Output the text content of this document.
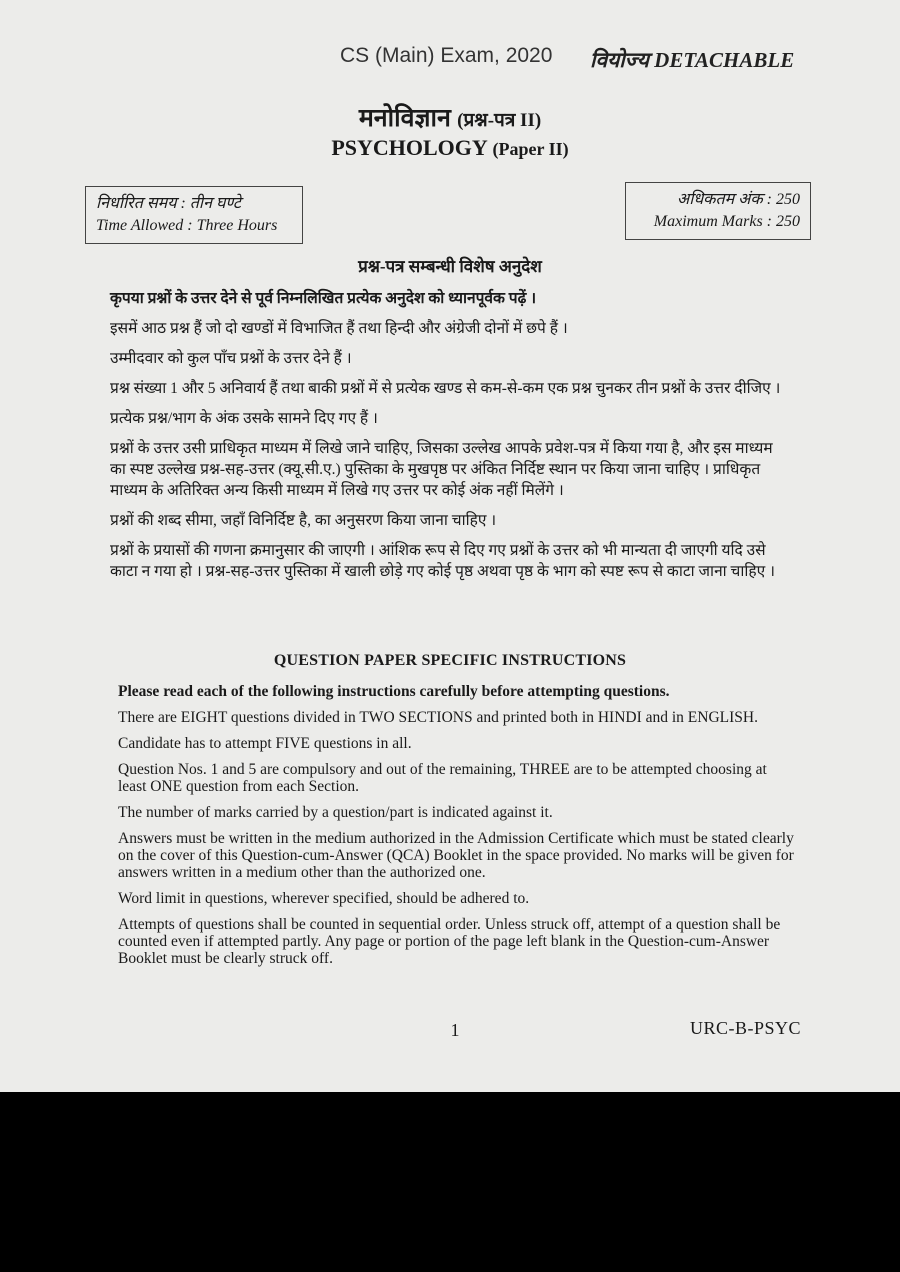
CS (Main) Exam, 2020 वियोज्य DETACHABLE
मनोविज्ञान (प्रश्न-पत्र II)
PSYCHOLOGY (Paper II)
निर्धारित समय : तीन घण्टे
Time Allowed : Three Hours
अधिकतम अंक : 250
Maximum Marks : 250
प्रश्न-पत्र सम्बन्धी विशेष अनुदेश

कृपया प्रश्नों के उत्तर देने से पूर्व निम्नलिखित प्रत्येक अनुदेश को ध्यानपूर्वक पढ़ें ।

इसमें आठ प्रश्न हैं जो दो खण्डों में विभाजित हैं तथा हिन्दी और अंग्रेजी दोनों में छपे हैं ।

उम्मीदवार को कुल पाँच प्रश्नों के उत्तर देने हैं ।

प्रश्न संख्या 1 और 5 अनिवार्य हैं तथा बाकी प्रश्नों में से प्रत्येक खण्ड से कम-से-कम एक प्रश्न चुनकर तीन प्रश्नों के उत्तर दीजिए ।

प्रत्येक प्रश्न/भाग के अंक उसके सामने दिए गए हैं ।

प्रश्नों के उत्तर उसी प्राधिकृत माध्यम में लिखे जाने चाहिए, जिसका उल्लेख आपके प्रवेश-पत्र में किया गया है, और इस माध्यम का स्पष्ट उल्लेख प्रश्न-सह-उत्तर (क्यू.सी.ए.) पुस्तिका के मुखपृष्ठ पर अंकित निर्दिष्ट स्थान पर किया जाना चाहिए । प्राधिकृत माध्यम के अतिरिक्त अन्य किसी माध्यम में लिखे गए उत्तर पर कोई अंक नहीं मिलेंगे ।

प्रश्नों की शब्द सीमा, जहाँ विनिर्दिष्ट है, का अनुसरण किया जाना चाहिए ।

प्रश्नों के प्रयासों की गणना क्रमानुसार की जाएगी । आंशिक रूप से दिए गए प्रश्नों के उत्तर को भी मान्यता दी जाएगी यदि उसे काटा न गया हो । प्रश्न-सह-उत्तर पुस्तिका में खाली छोड़े गए कोई पृष्ठ अथवा पृष्ठ के भाग को स्पष्ट रूप से काटा जाना चाहिए ।

QUESTION PAPER SPECIFIC INSTRUCTIONS

Please read each of the following instructions carefully before attempting questions.

There are EIGHT questions divided in TWO SECTIONS and printed both in HINDI and in ENGLISH.

Candidate has to attempt FIVE questions in all.

Question Nos. 1 and 5 are compulsory and out of the remaining, THREE are to be attempted choosing at least ONE question from each Section.

The number of marks carried by a question/part is indicated against it.

Answers must be written in the medium authorized in the Admission Certificate which must be stated clearly on the cover of this Question-cum-Answer (QCA) Booklet in the space provided. No marks will be given for answers written in a medium other than the authorized one.

Word limit in questions, wherever specified, should be adhered to.

Attempts of questions shall be counted in sequential order. Unless struck off, attempt of a question shall be counted even if attempted partly. Any page or portion of the page left blank in the Question-cum-Answer Booklet must be clearly struck off.

1	URC-B-PSYC
